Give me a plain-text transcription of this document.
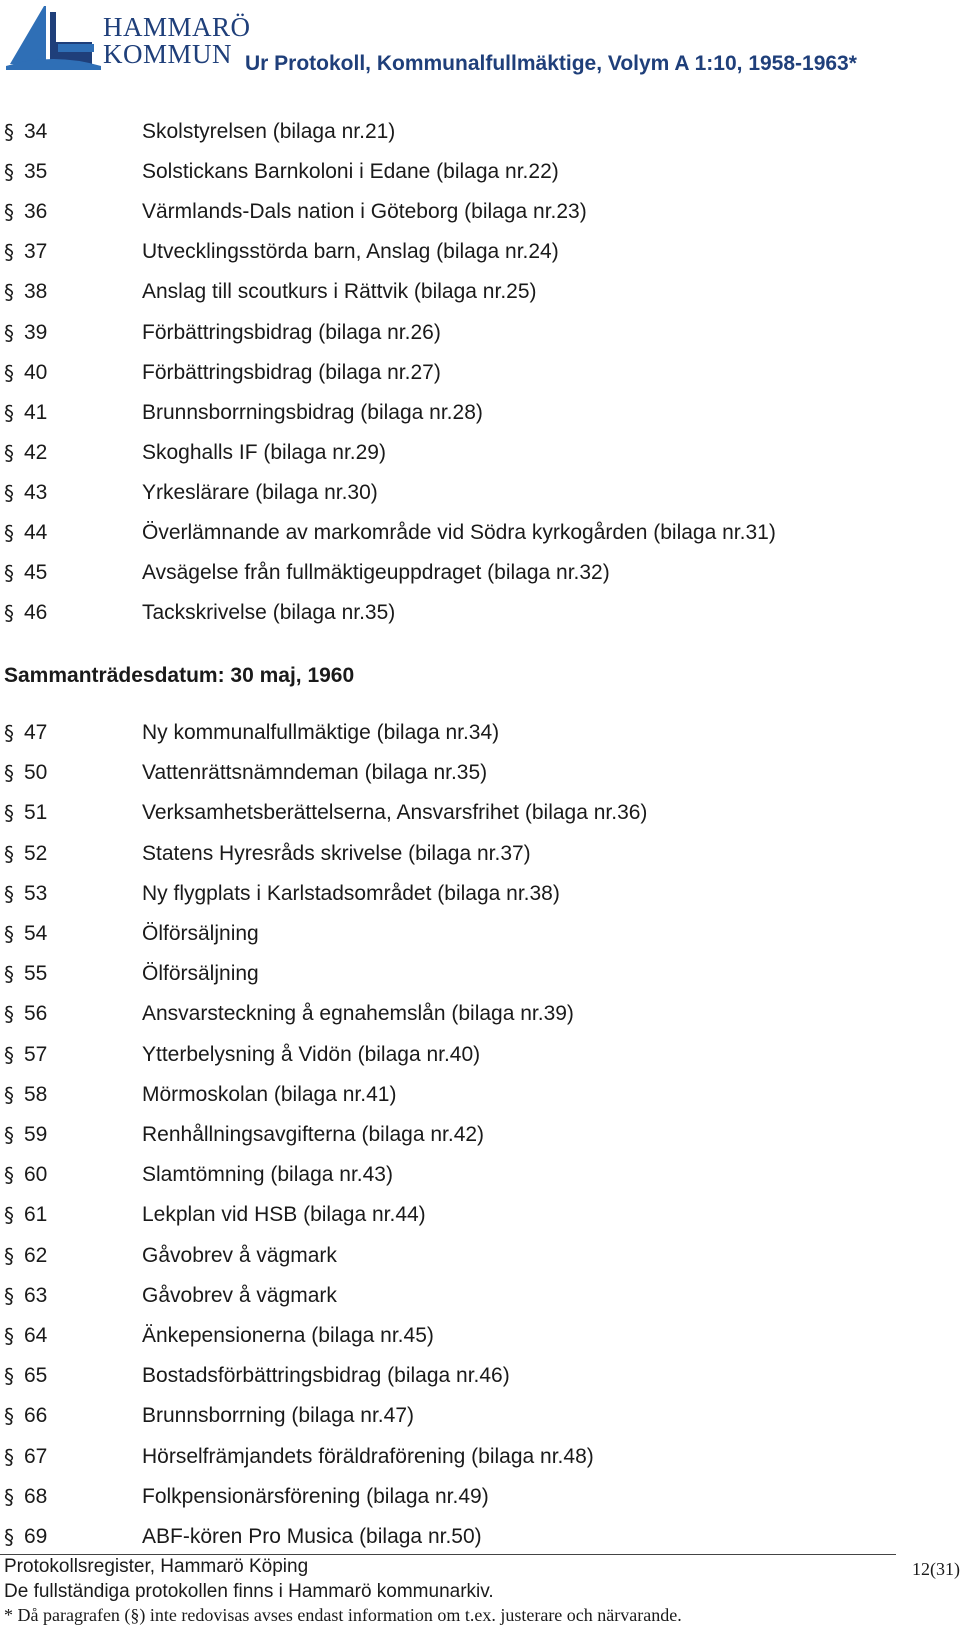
HAMMARÖ
KOMMUN Ur Protokoll, Kommunalfullmäktige, Volym A 1:10, 1958-1963*
§ 34	Skolstyrelsen (bilaga nr.21)
§ 35	Solstickans Barnkoloni i Edane (bilaga nr.22)
§ 36	Värmlands-Dals nation i Göteborg (bilaga nr.23)
§ 37	Utvecklingsstörda barn, Anslag (bilaga nr.24)
§ 38	Anslag till scoutkurs i Rättvik (bilaga nr.25)
§ 39	Förbättringsbidrag (bilaga nr.26)
§ 40	Förbättringsbidrag (bilaga nr.27)
§ 41	Brunnsborrningsbidrag (bilaga nr.28)
§ 42	Skoghalls IF (bilaga nr.29)
§ 43	Yrkeslärare (bilaga nr.30)
§ 44	Överlämnande av markområde vid Södra kyrkogården (bilaga nr.31)
§ 45	Avsägelse från fullmäktigeuppdraget (bilaga nr.32)
§ 46	Tackskrivelse (bilaga nr.35)
Sammanträdesdatum: 30 maj, 1960
§ 47	Ny kommunalfullmäktige (bilaga nr.34)
§ 50	Vattenrättsnämndeman (bilaga nr.35)
§ 51	Verksamhetsberättelserna, Ansvarsfrihet (bilaga nr.36)
§ 52	Statens Hyresråds skrivelse (bilaga nr.37)
§ 53	Ny flygplats i Karlstadsområdet (bilaga nr.38)
§ 54	Ölförsäljning
§ 55	Ölförsäljning
§ 56	Ansvarsteckning å egnahemslån (bilaga nr.39)
§ 57	Ytterbelysning å Vidön (bilaga nr.40)
§ 58	Mörmoskolan (bilaga nr.41)
§ 59	Renhållningsavgifterna (bilaga nr.42)
§ 60	Slamtömning (bilaga nr.43)
§ 61	Lekplan vid HSB (bilaga nr.44)
§ 62	Gåvobrev å vägmark
§ 63	Gåvobrev å vägmark
§ 64	Änkepensionerna (bilaga nr.45)
§ 65	Bostadsförbättringsbidrag (bilaga nr.46)
§ 66	Brunnsborrning (bilaga nr.47)
§ 67	Hörselfrämjandets föräldraförening (bilaga nr.48)
§ 68	Folkpensionärsförening (bilaga nr.49)
§ 69	ABF-kören Pro Musica (bilaga nr.50)
Protokollsregister, Hammarö Köping
De fullständiga protokollen finns i Hammarö kommunarkiv.
* Då paragrafen (§) inte redovisas avses endast information om t.ex. justerare och närvarande.
12(31)
